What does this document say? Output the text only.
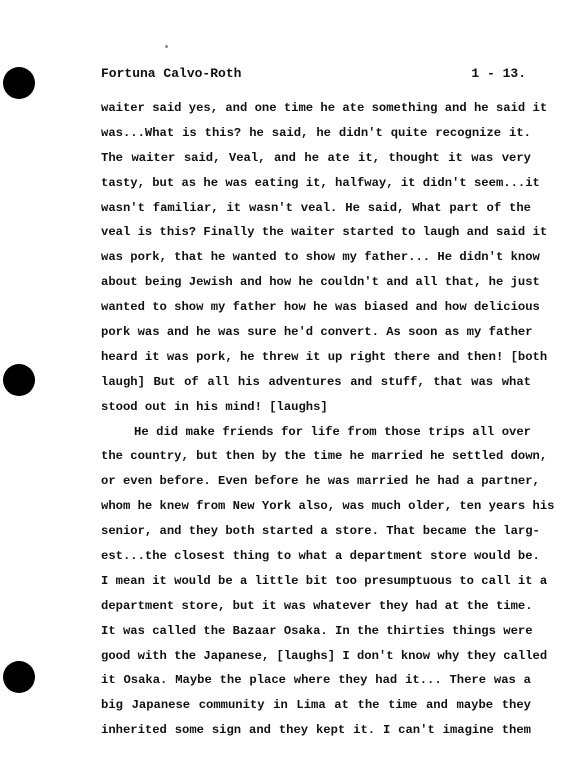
Fortuna Calvo-Roth	1 - 13.
waiter said yes, and one time he ate something and he said it
was...What is this? he said, he didn't quite recognize it.
The waiter said, Veal, and he ate it, thought it was very
tasty, but as he was eating it, halfway, it didn't seem...it
wasn't familiar, it wasn't veal. He said, What part of the
veal is this? Finally the waiter started to laugh and said it
was pork, that he wanted to show my father... He didn't know
about being Jewish and how he couldn't and all that, he just
wanted to show my father how he was biased and how delicious
pork was and he was sure he'd convert. As soon as my father
heard it was pork, he threw it up right there and then! [both
laugh] But of all his adventures and stuff, that was what
stood out in his mind! [laughs]
He did make friends for life from those trips all over
the country, but then by the time he married he settled down,
or even before. Even before he was married he had a partner,
whom he knew from New York also, was much older, ten years his
senior, and they both started a store. That became the larg-
est...the closest thing to what a department store would be.
I mean it would be a little bit too presumptuous to call it a
department store, but it was whatever they had at the time.
It was called the Bazaar Osaka. In the thirties things were
good with the Japanese, [laughs] I don't know why they called
it Osaka. Maybe the place where they had it... There was a
big Japanese community in Lima at the time and maybe they
inherited some sign and they kept it. I can't imagine them
